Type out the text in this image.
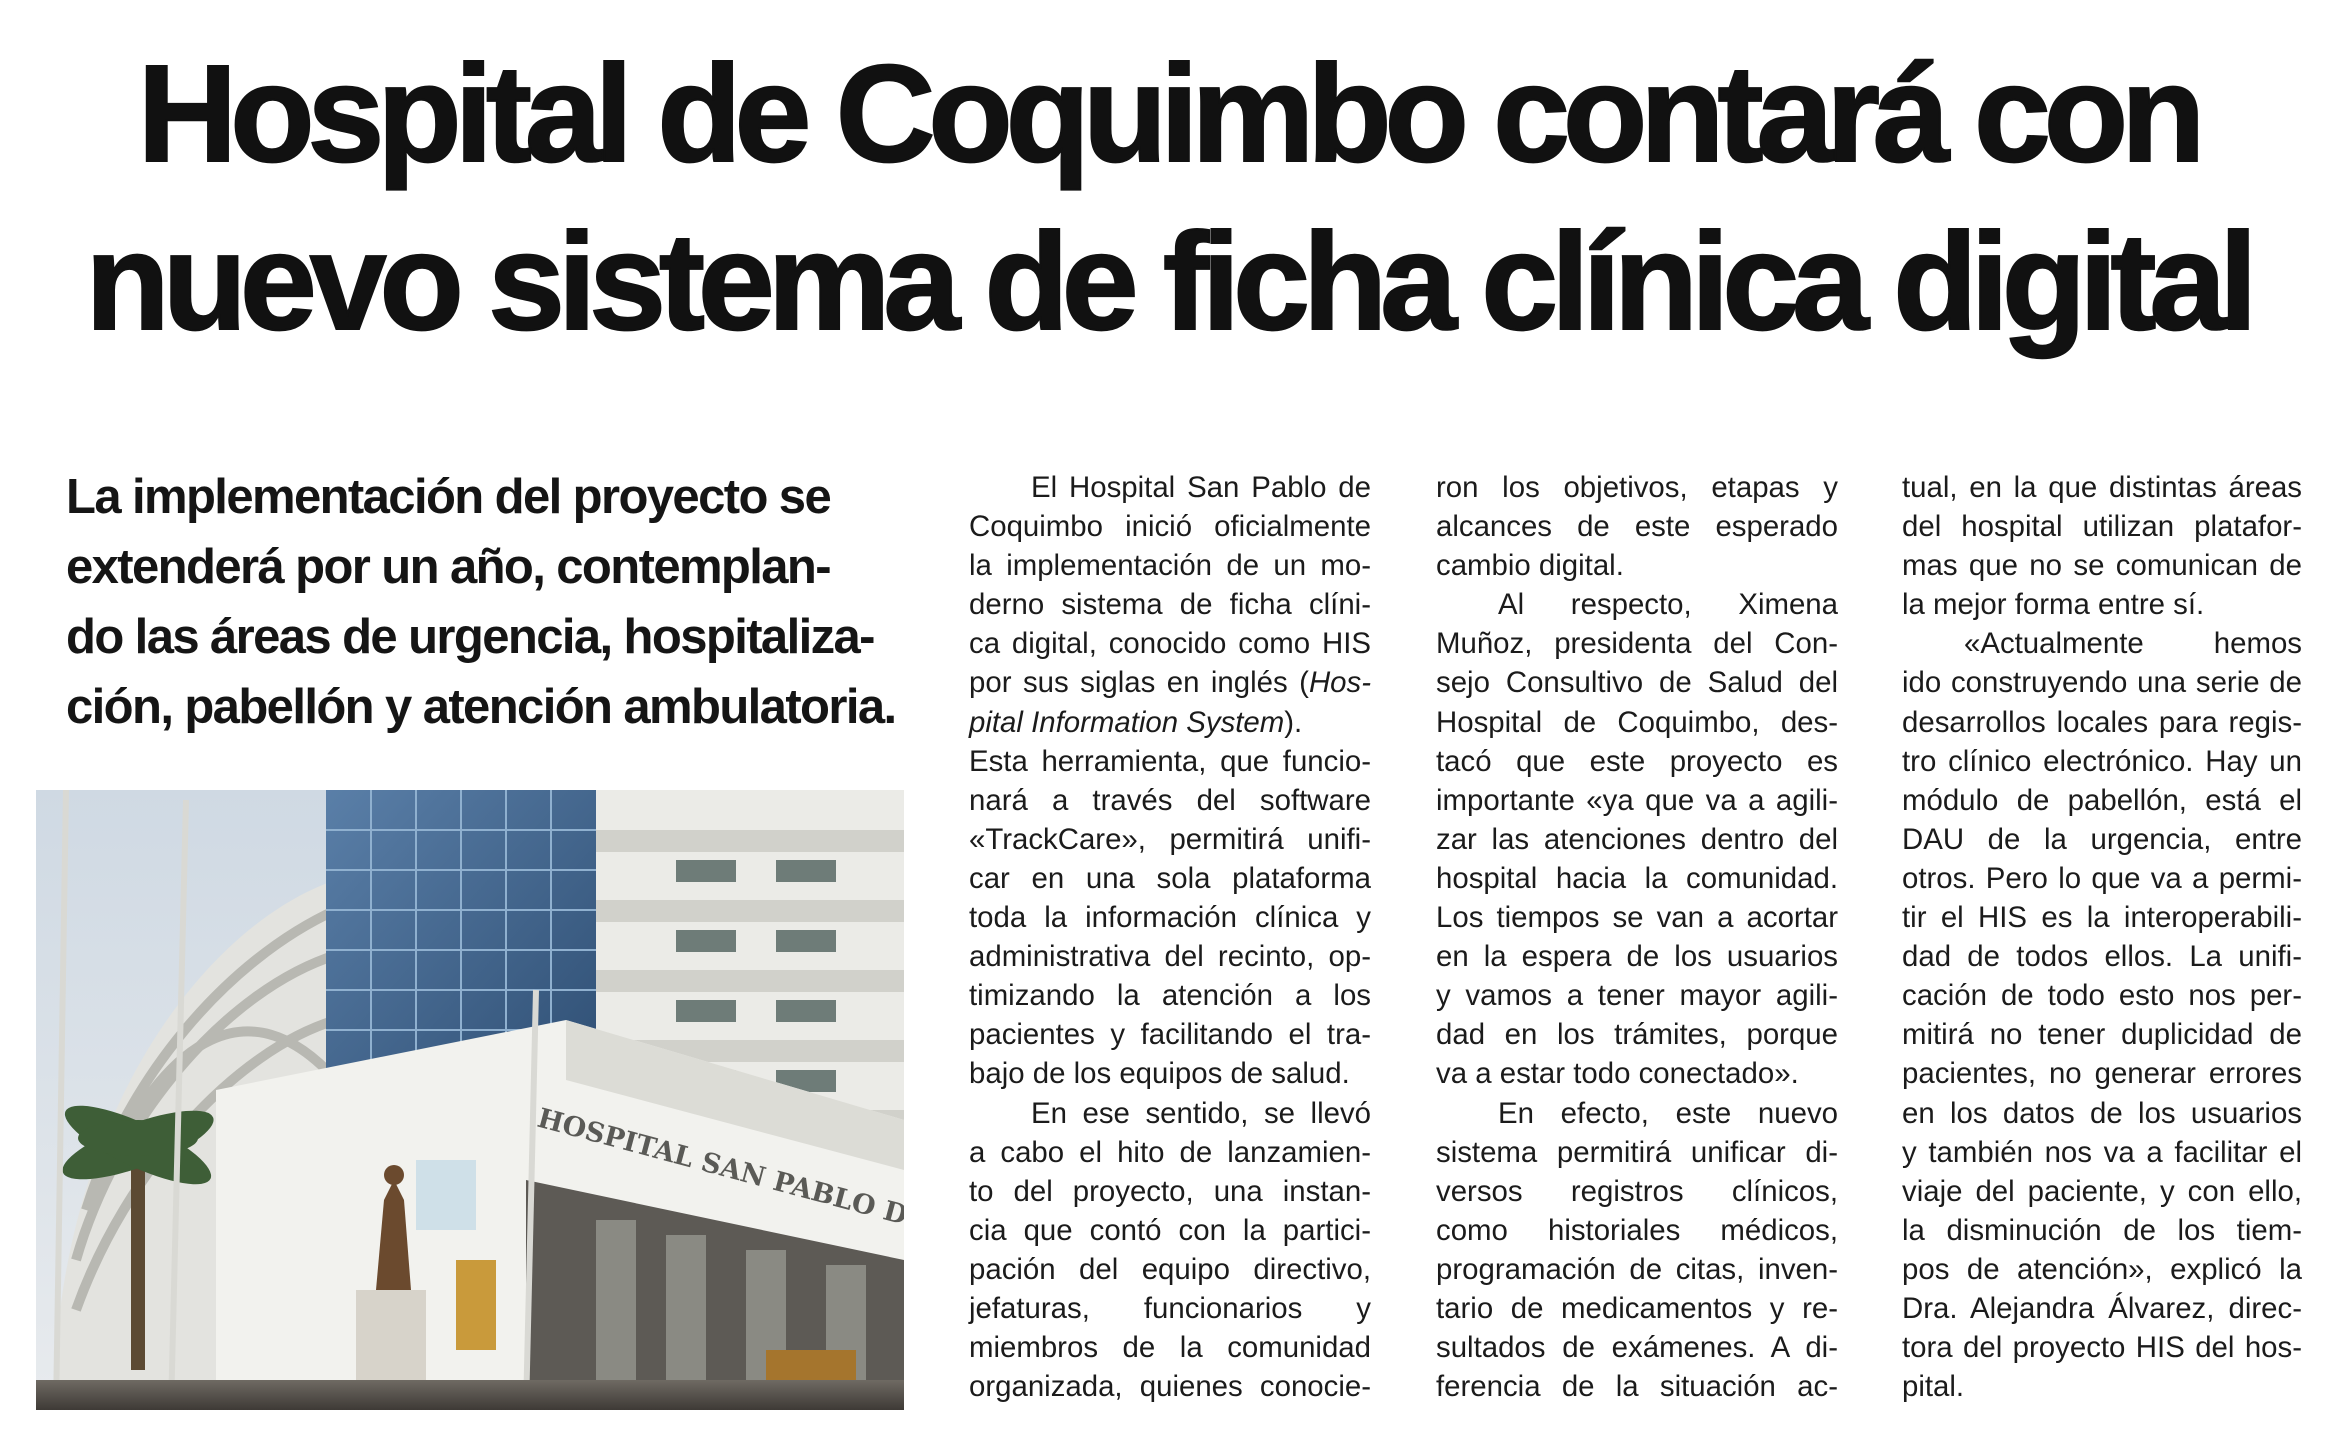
Hospital de Coquimbo contará con
nuevo sistema de ficha clínica digital
La implementación del proyecto se
extenderá por un año, contemplan-
do las áreas de urgencia, hospitaliza-
ción, pabellón y atención ambulatoria.
El Hospital San Pablo de
Coquimbo inició oficialmente
la implementación de un mo-
derno sistema de ficha clíni-
ca digital, conocido como HIS
por sus siglas en inglés (Hos-
pital Information System).
Esta herramienta, que funcio-
nará a través del software
«TrackCare», permitirá unifi-
car en una sola plataforma
toda la información clínica y
administrativa del recinto, op-
timizando la atención a los
pacientes y facilitando el tra-
bajo de los equipos de salud.
En ese sentido, se llevó
a cabo el hito de lanzamien-
to del proyecto, una instan-
cia que contó con la partici-
pación del equipo directivo,
jefaturas, funcionarios y
miembros de la comunidad
organizada, quienes conocie-
ron los objetivos, etapas y
alcances de este esperado
cambio digital.
Al respecto, Ximena
Muñoz, presidenta del Con-
sejo Consultivo de Salud del
Hospital de Coquimbo, des-
tacó que este proyecto es
importante «ya que va a agili-
zar las atenciones dentro del
hospital hacia la comunidad.
Los tiempos se van a acortar
en la espera de los usuarios
y vamos a tener mayor agili-
dad en los trámites, porque
va a estar todo conectado».
En efecto, este nuevo
sistema permitirá unificar di-
versos registros clínicos,
como historiales médicos,
programación de citas, inven-
tario de medicamentos y re-
sultados de exámenes. A di-
ferencia de la situación ac-
tual, en la que distintas áreas
del hospital utilizan platafor-
mas que no se comunican de
la mejor forma entre sí.
«Actualmente hemos
ido construyendo una serie de
desarrollos locales para regis-
tro clínico electrónico. Hay un
módulo de pabellón, está el
DAU de la urgencia, entre
otros. Pero lo que va a permi-
tir el HIS es la interoperabili-
dad de todos ellos. La unifi-
cación de todo esto nos per-
mitirá no tener duplicidad de
pacientes, no generar errores
en los datos de los usuarios
y también nos va a facilitar el
viaje del paciente, y con ello,
la disminución de los tiem-
pos de atención», explicó la
Dra. Alejandra Álvarez, direc-
tora del proyecto HIS del hos-
pital.
